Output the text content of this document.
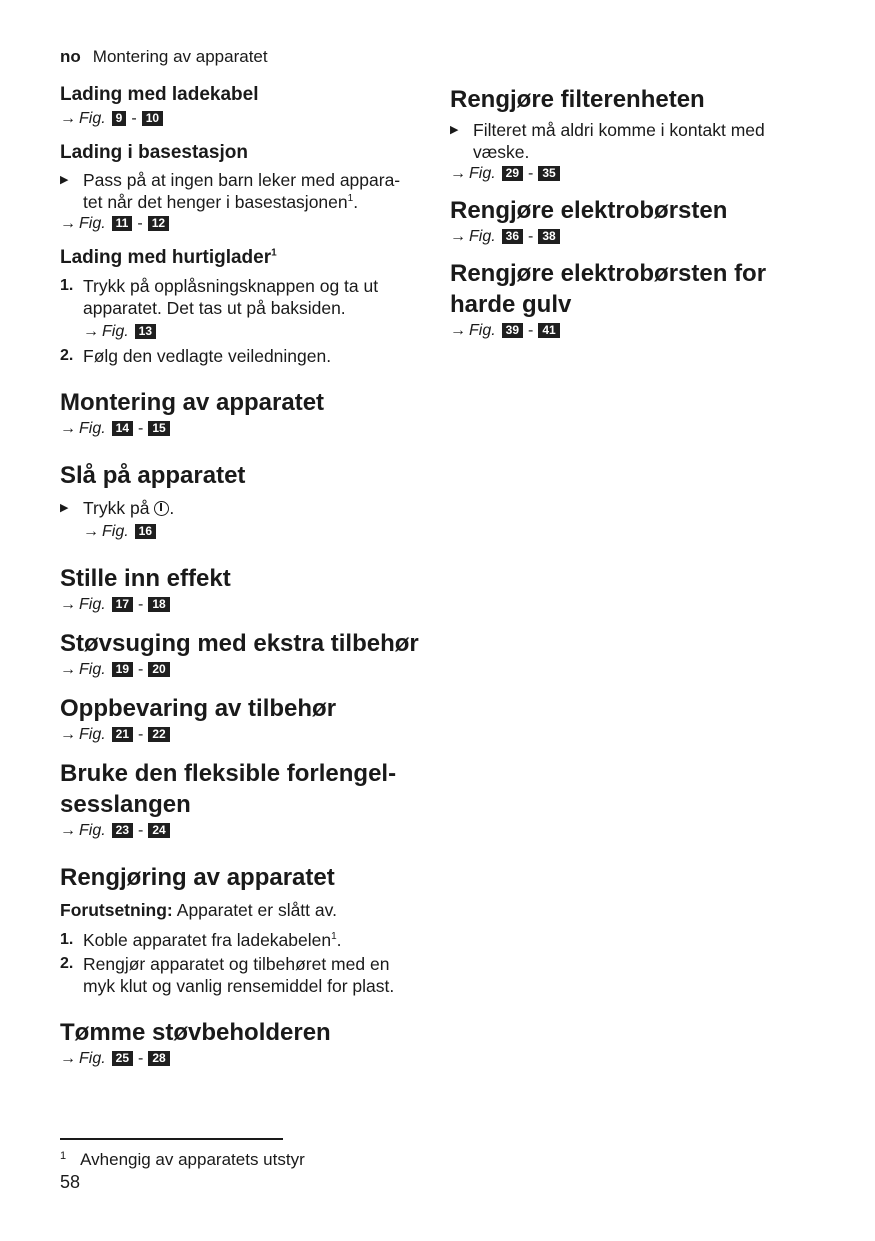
no Montering av apparatet
Lading med ladekabel

→ Fig. 9 - 10

Lading i basestasjon

▶ Pass på at ingen barn leker med appara-
tet når det henger i basestasjonen$^1$.

→ Fig. 11 - 12

Lading med hurtiglader$^1$

1. Trykk på opplåsningsknappen og ta ut
apparatet. Det tas ut på baksiden.
→ Fig. 13

2. Følg den vedlagte veiledningen.

Montering av apparatet

→ Fig. 14 - 15

Slå på apparatet

▶ Trykk på .
→ Fig. 16

Stille inn effekt

→ Fig. 17 - 18

Støvsuging med ekstra tilbehør

→ Fig. 19 - 20

Oppbevaring av tilbehør

→ Fig. 21 - 22

Bruke den fleksible forlengel-
sesslangen

→ Fig. 23 - 24

Rengjøring av apparatet

Forutsetning: Apparatet er slått av.

1. Koble apparatet fra ladekabelen$^1$.

2. Rengjør apparatet og tilbehøret med en
myk klut og vanlig rensemiddel for plast.

Tømme støvbeholderen

→ Fig. 25 - 28

Rengjøre filterenheten

▶ Filteret må aldri komme i kontakt med
væske.

→ Fig. 29 - 35

Rengjøre elektrobørsten

→ Fig. 36 - 38

Rengjøre elektrobørsten for
harde gulv

→ Fig. 39 - 41

$^1$ Avhengig av apparatets utstyr
58
